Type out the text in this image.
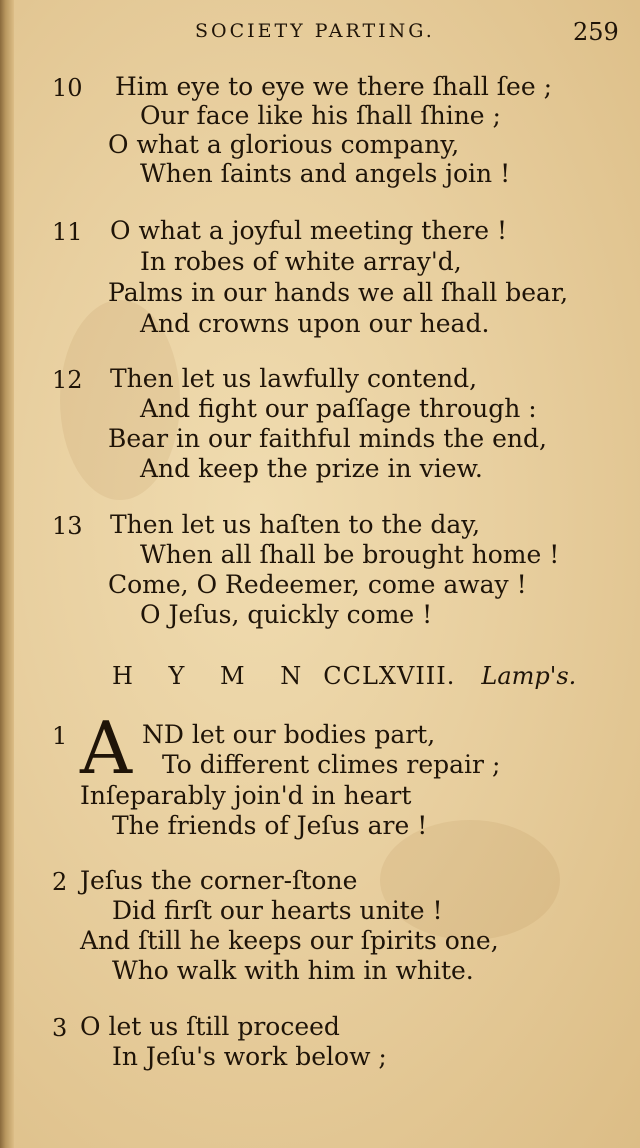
SOCIETY PARTING.	259
10 Him eye to eye we there ſhall ſee ;
Our face like his ſhall ſhine ;
O what a glorious company,
When ſaints and angels join !
11 O what a joyful meeting there !
In robes of white array'd,
Palms in our hands we all ſhall bear,
And crowns upon our head.
12 Then let us lawfully contend,
And fight our paſſage through :
Bear in our faithful minds the end,
And keep the prize in view.
13 Then let us haſten to the day,
When all ſhall be brought home !
Come, O Redeemer, come away !
O Jeſus, quickly come !
H Y M N CCLXVIII. Lamp's.
1	ND let our bodies part,
To different climes repair ;
Inſeparably join'd in heart
The friends of Jeſus are !
A
2 Jeſus the corner-ſtone
Did firſt our hearts unite !
And ſtill he keeps our ſpirits one,
Who walk with him in white.
3 O let us ſtill proceed
In Jeſu's work below ;
